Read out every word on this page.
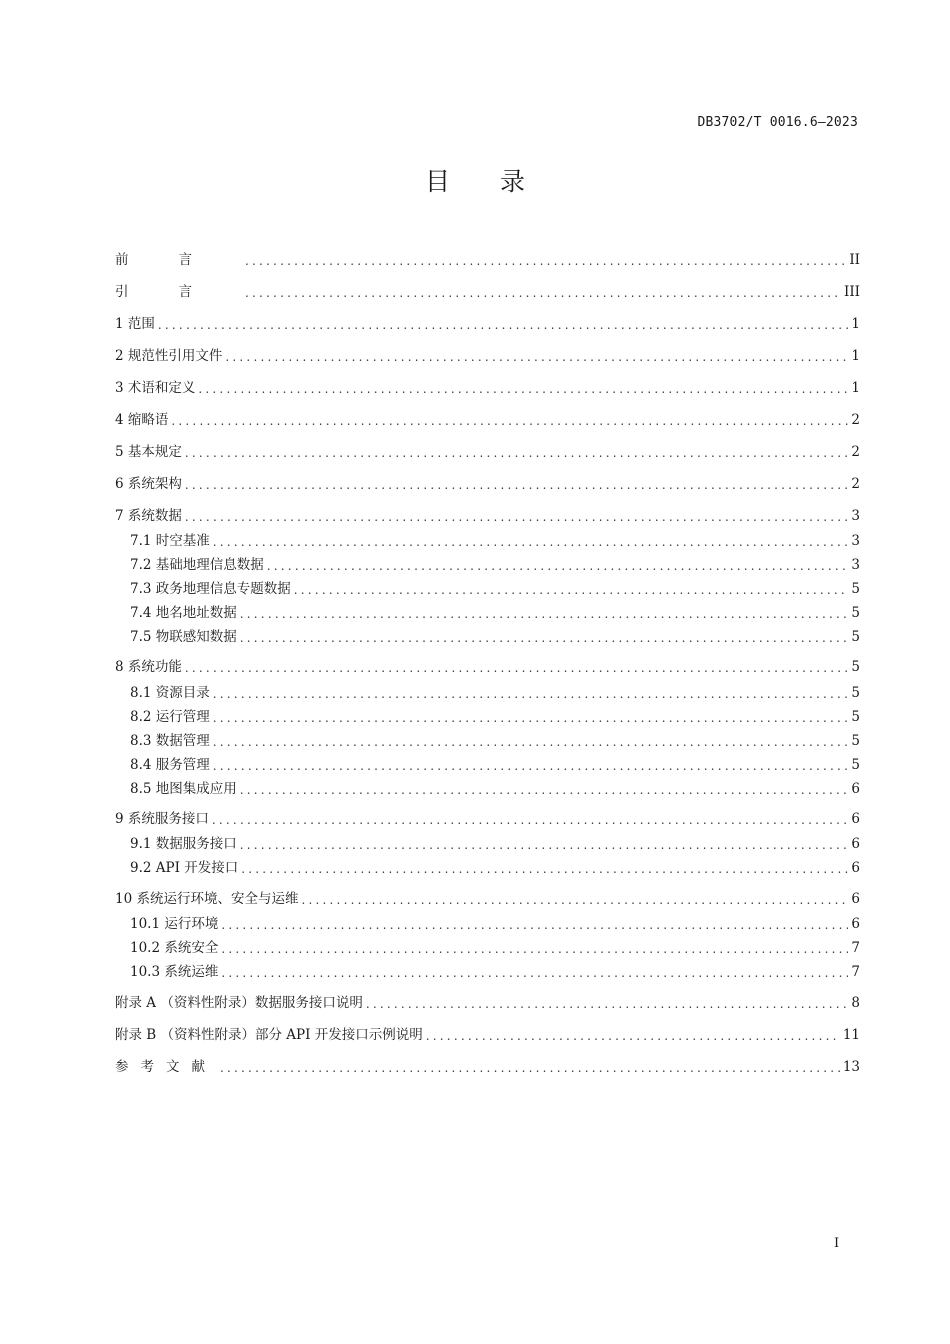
DB3702/T 0016.6—2023
目录
前言 .....	II
引言 .....	III
1 范围 .....	1
2 规范性引用文件 .....	1
3 术语和定义 .....	1
4 缩略语 .....	2
5 基本规定 .....	2
6 系统架构 .....	2
7 系统数据 .....	3
7.1 时空基准 .....	3
7.2 基础地理信息数据 .....	3
7.3 政务地理信息专题数据 .....	5
7.4 地名地址数据 .....	5
7.5 物联感知数据 .....	5
8 系统功能 .....	5
8.1 资源目录 .....	5
8.2 运行管理 .....	5
8.3 数据管理 .....	5
8.4 服务管理 .....	5
8.5 地图集成应用 .....	6
9 系统服务接口 .....	6
9.1 数据服务接口 .....	6
9.2 API 开发接口 .....	6
10 系统运行环境、安全与运维 .....	6
10.1 运行环境 .....	6
10.2 系统安全 .....	7
10.3 系统运维 .....	7
附录 A （资料性附录）数据服务接口说明 .....	8
附录 B （资料性附录）部分 API 开发接口示例说明 .....	11
参考文献 .....	13
I
